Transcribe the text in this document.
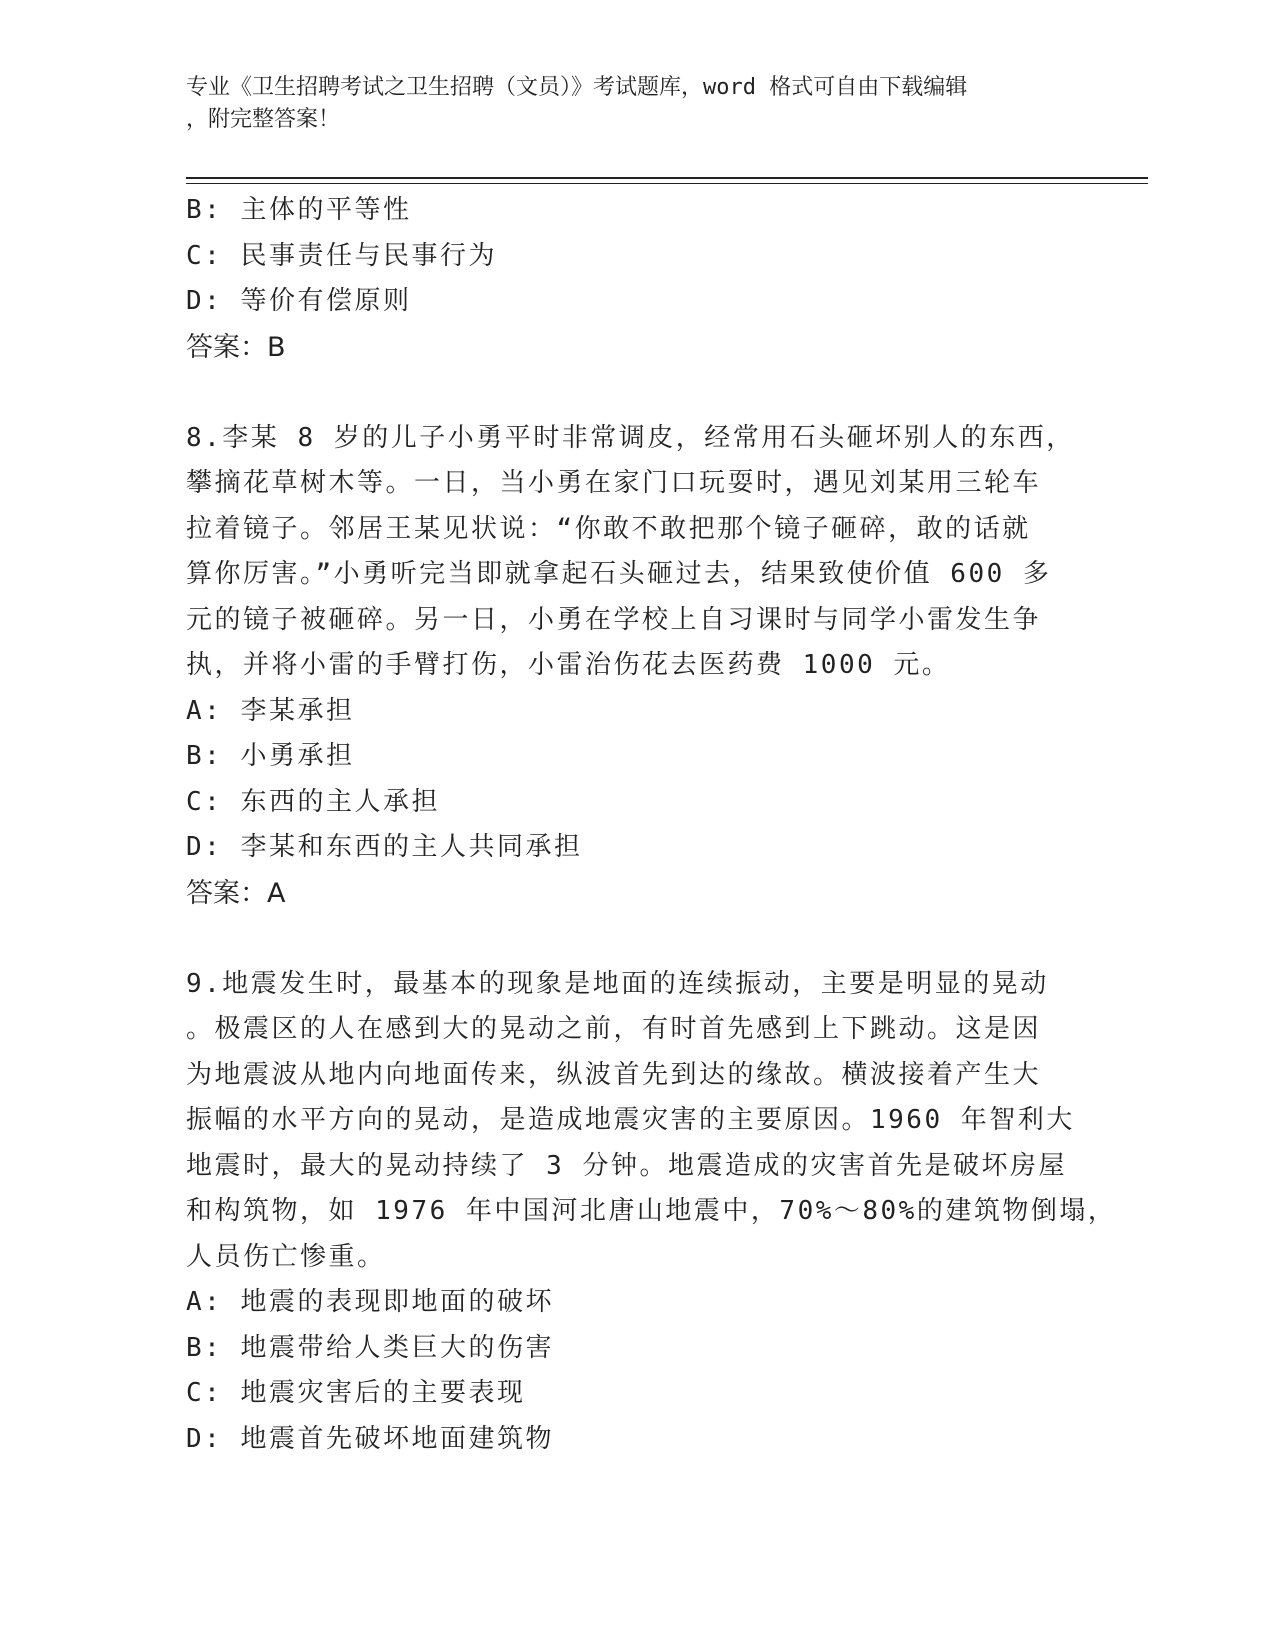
专业《卫生招聘考试之卫生招聘（文员）》考试题库，word 格式可自由下载编辑

，附完整答案！

B: 主体的平等性
C: 民事责任与民事行为
D: 等价有偿原则
答案：B
8.李某 8 岁的儿子小勇平时非常调皮，经常用石头砸坏别人的东西，
攀摘花草树木等。一日，当小勇在家门口玩耍时，遇见刘某用三轮车
拉着镜子。邻居王某见状说：“你敢不敢把那个镜子砸碎，敢的话就
算你厉害。”小勇听完当即就拿起石头砸过去，结果致使价值 600 多
元的镜子被砸碎。另一日，小勇在学校上自习课时与同学小雷发生争
执，并将小雷的手臂打伤，小雷治伤花去医药费 1000 元。
A: 李某承担
B: 小勇承担
C: 东西的主人承担
D: 李某和东西的主人共同承担
答案：A
9.地震发生时，最基本的现象是地面的连续振动，主要是明显的晃动
。极震区的人在感到大的晃动之前，有时首先感到上下跳动。这是因
为地震波从地内向地面传来，纵波首先到达的缘故。横波接着产生大
振幅的水平方向的晃动，是造成地震灾害的主要原因。1960 年智利大
地震时，最大的晃动持续了 3 分钟。地震造成的灾害首先是破坏房屋
和构筑物，如 1976 年中国河北唐山地震中，70%～80%的建筑物倒塌，
人员伤亡惨重。
A: 地震的表现即地面的破坏
B: 地震带给人类巨大的伤害
C: 地震灾害后的主要表现
D: 地震首先破坏地面建筑物
